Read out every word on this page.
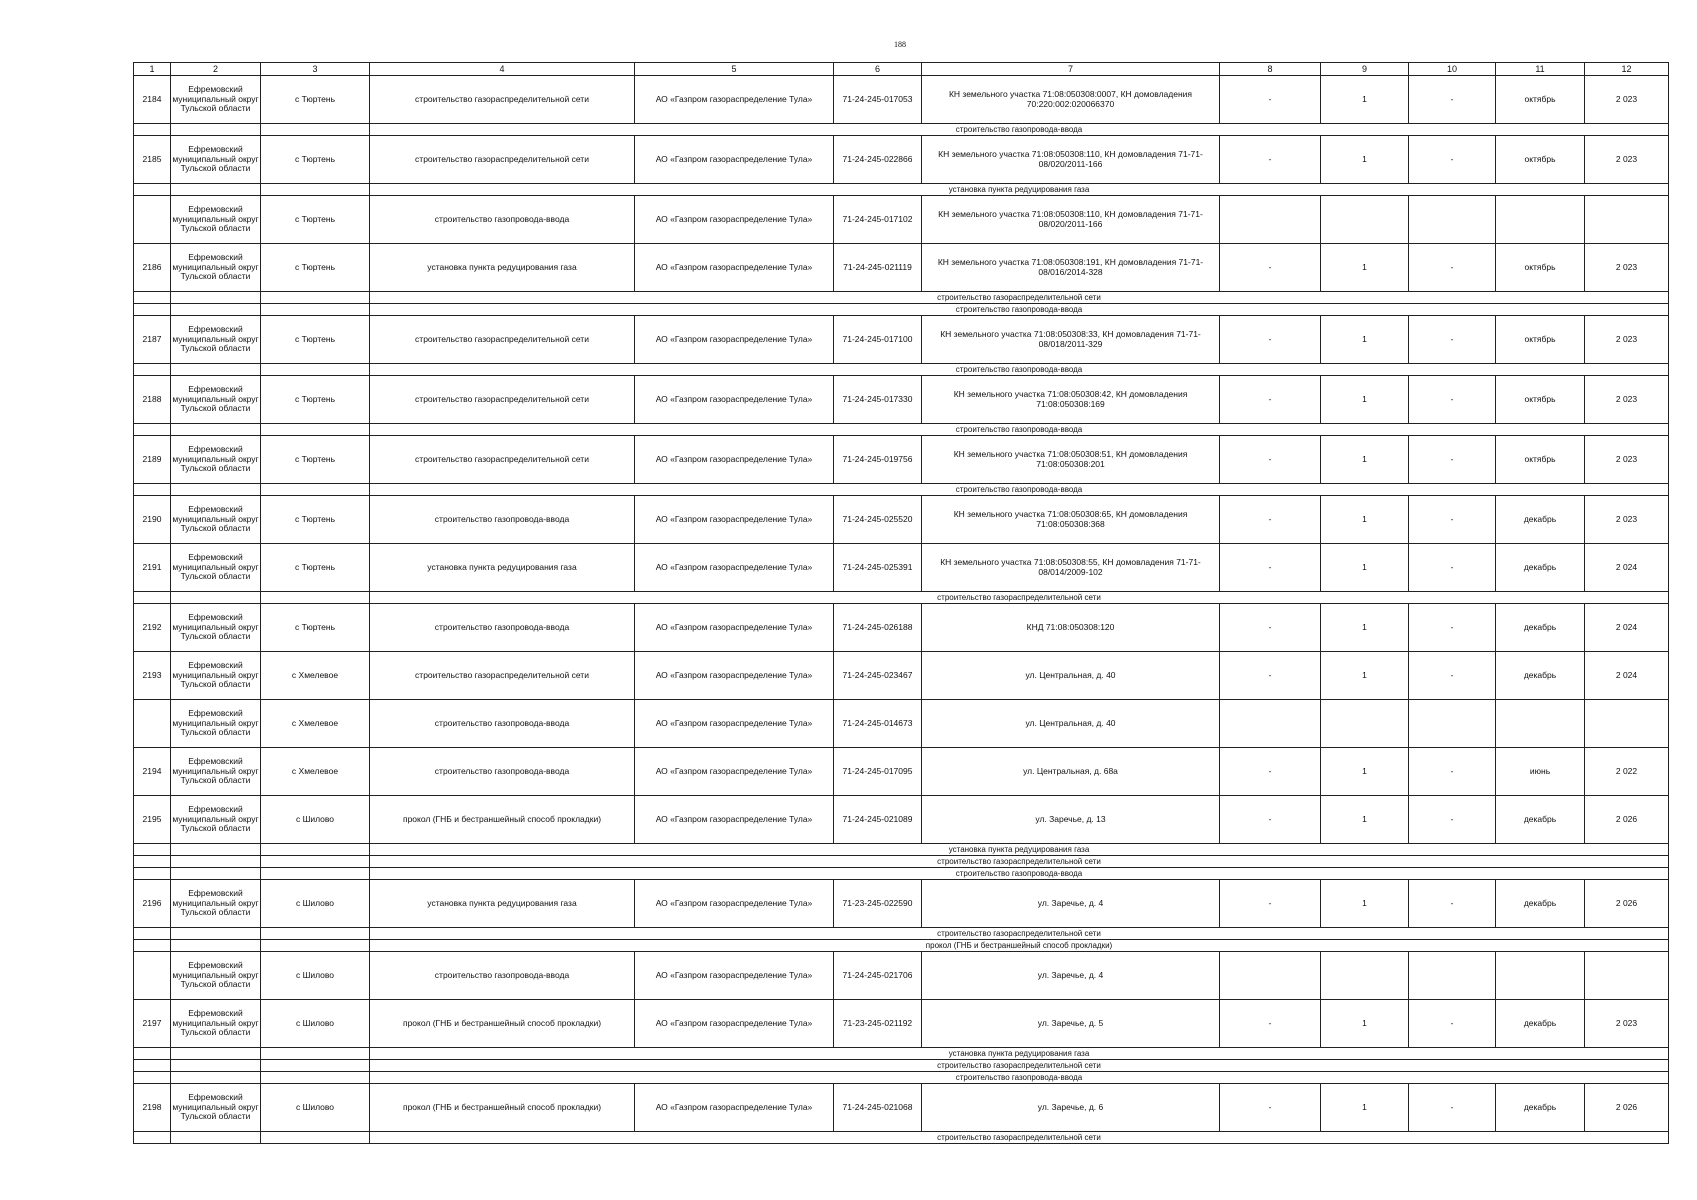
188
1	2	3	4	5	6	7	8	9	10	11	12
2184	Ефремовский муниципальный округ Тульской области	с Тюртень	строительство газораспределительной сети	АО «Газпром газораспределение Тула»	71-24-245-017053	КН земельного участка 71:08:050308:0007, КН домовладения 70:220:002:020066370	-	1	-	октябрь	2 023
			строительство газопровода-ввода								
2185	Ефремовский муниципальный округ Тульской области	с Тюртень	строительство газораспределительной сети	АО «Газпром газораспределение Тула»	71-24-245-022866	КН земельного участка 71:08:050308:110, КН домовладения 71-71-08/020/2011-166	-	1	-	октябрь	2 023
			установка пункта редуцирования газа								
	Ефремовский муниципальный округ Тульской области	с Тюртень	строительство газопровода-ввода	АО «Газпром газораспределение Тула»	71-24-245-017102	КН земельного участка 71:08:050308:110, КН домовладения 71-71-08/020/2011-166					
2186	Ефремовский муниципальный округ Тульской области	с Тюртень	установка пункта редуцирования газа	АО «Газпром газораспределение Тула»	71-24-245-021119	КН земельного участка 71:08:050308:191, КН домовладения 71-71-08/016/2014-328	-	1	-	октябрь	2 023
			строительство газораспределительной сети								
			строительство газопровода-ввода								
2187	Ефремовский муниципальный округ Тульской области	с Тюртень	строительство газораспределительной сети	АО «Газпром газораспределение Тула»	71-24-245-017100	КН земельного участка 71:08:050308:33, КН домовладения 71-71-08/018/2011-329	-	1	-	октябрь	2 023
			строительство газопровода-ввода								
2188	Ефремовский муниципальный округ Тульской области	с Тюртень	строительство газораспределительной сети	АО «Газпром газораспределение Тула»	71-24-245-017330	КН земельного участка 71:08:050308:42, КН домовладения 71:08:050308:169	-	1	-	октябрь	2 023
			строительство газопровода-ввода								
2189	Ефремовский муниципальный округ Тульской области	с Тюртень	строительство газораспределительной сети	АО «Газпром газораспределение Тула»	71-24-245-019756	КН земельного участка 71:08:050308:51, КН домовладения 71:08:050308:201	-	1	-	октябрь	2 023
			строительство газопровода-ввода								
2190	Ефремовский муниципальный округ Тульской области	с Тюртень	строительство газопровода-ввода	АО «Газпром газораспределение Тула»	71-24-245-025520	КН земельного участка 71:08:050308:65, КН домовладения 71:08:050308:368	-	1	-	декабрь	2 023
2191	Ефремовский муниципальный округ Тульской области	с Тюртень	установка пункта редуцирования газа	АО «Газпром газораспределение Тула»	71-24-245-025391	КН земельного участка 71:08:050308:55, КН домовладения 71-71-08/014/2009-102	-	1	-	декабрь	2 024
			строительство газораспределительной сети								
2192	Ефремовский муниципальный округ Тульской области	с Тюртень	строительство газопровода-ввода	АО «Газпром газораспределение Тула»	71-24-245-026188	КНД 71:08:050308:120	-	1	-	декабрь	2 024
2193	Ефремовский муниципальный округ Тульской области	с Хмелевое	строительство газораспределительной сети	АО «Газпром газораспределение Тула»	71-24-245-023467	ул. Центральная, д. 40	-	1	-	декабрь	2 024
	Ефремовский муниципальный округ Тульской области	с Хмелевое	строительство газопровода-ввода	АО «Газпром газораспределение Тула»	71-24-245-014673	ул. Центральная, д. 40					
2194	Ефремовский муниципальный округ Тульской области	с Хмелевое	строительство газопровода-ввода	АО «Газпром газораспределение Тула»	71-24-245-017095	ул. Центральная, д. 68а	-	1	-	июнь	2 022
2195	Ефремовский муниципальный округ Тульской области	с Шилово	прокол (ГНБ и бестраншейный способ прокладки)	АО «Газпром газораспределение Тула»	71-24-245-021089	ул. Заречье, д. 13	-	1	-	декабрь	2 026
			установка пункта редуцирования газа								
			строительство газораспределительной сети								
			строительство газопровода-ввода								
2196	Ефремовский муниципальный округ Тульской области	с Шилово	установка пункта редуцирования газа	АО «Газпром газораспределение Тула»	71-23-245-022590	ул. Заречье, д. 4	-	1	-	декабрь	2 026
			строительство газораспределительной сети								
			прокол (ГНБ и бестраншейный способ прокладки)								
	Ефремовский муниципальный округ Тульской области	с Шилово	строительство газопровода-ввода	АО «Газпром газораспределение Тула»	71-24-245-021706	ул. Заречье, д. 4					
2197	Ефремовский муниципальный округ Тульской области	с Шилово	прокол (ГНБ и бестраншейный способ прокладки)	АО «Газпром газораспределение Тула»	71-23-245-021192	ул. Заречье, д. 5	-	1	-	декабрь	2 023
			установка пункта редуцирования газа								
			строительство газораспределительной сети								
			строительство газопровода-ввода								
2198	Ефремовский муниципальный округ Тульской области	с Шилово	прокол (ГНБ и бестраншейный способ прокладки)	АО «Газпром газораспределение Тула»	71-24-245-021068	ул. Заречье, д. 6	-	1	-	декабрь	2 026
			строительство газораспределительной сети								
